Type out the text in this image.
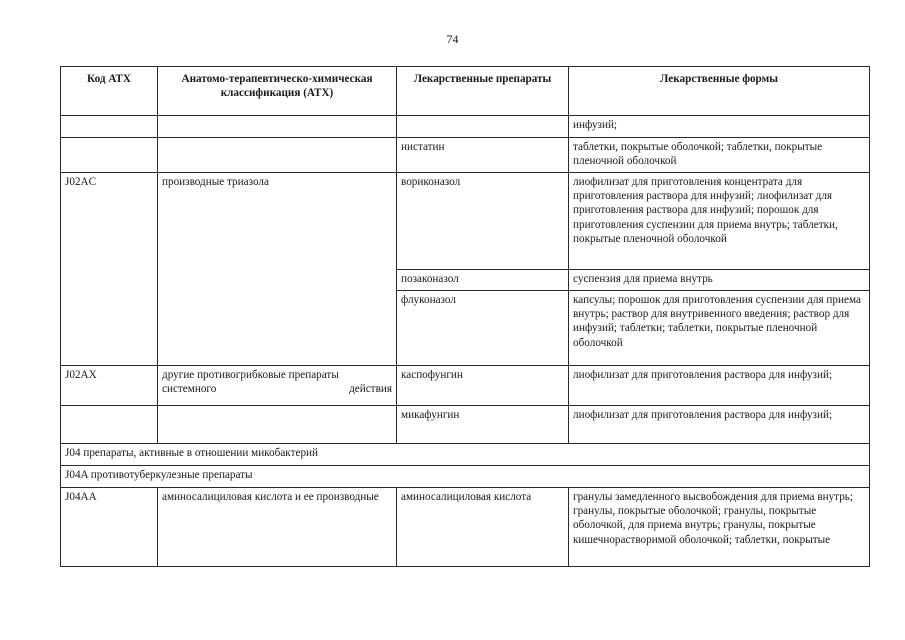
74
Код АТХ	Анатомо-терапевтическо-химическая классификация (АТХ)	Лекарственные препараты	Лекарственные формы
			инфузий;
		нистатин	таблетки, покрытые оболочкой; таблетки, покрытые пленочной оболочкой
J02AC	производные триазола	вориконазол	лиофилизат для приготовления концентрата для приготовления раствора для инфузий; лиофилизат для приготовления раствора для инфузий; порошок для приготовления суспензии для приема внутрь; таблетки, покрытые пленочной оболочкой
		позаконазол	суспензия для приема внутрь
		флуконазол	капсулы; порошок для приготовления суспензии для приема внутрь; раствор для внутривенного введения; раствор для инфузий; таблетки; таблетки, покрытые пленочной оболочкой
J02AX	другие противогрибковые препараты системного действия	каспофунгин	лиофилизат для приготовления раствора для инфузий;
		микафунгин	лиофилизат для приготовления раствора для инфузий;
J04 препараты, активные в отношении микобактерий			
J04A противотуберкулезные препараты			
J04AA	аминосалициловая кислота и ее производные	аминосалициловая кислота	гранулы замедленного высвобождения для приема внутрь; гранулы, покрытые оболочкой; гранулы, покрытые оболочкой, для приема внутрь; гранулы, покрытые кишечнорастворимой оболочкой; таблетки, покрытые
